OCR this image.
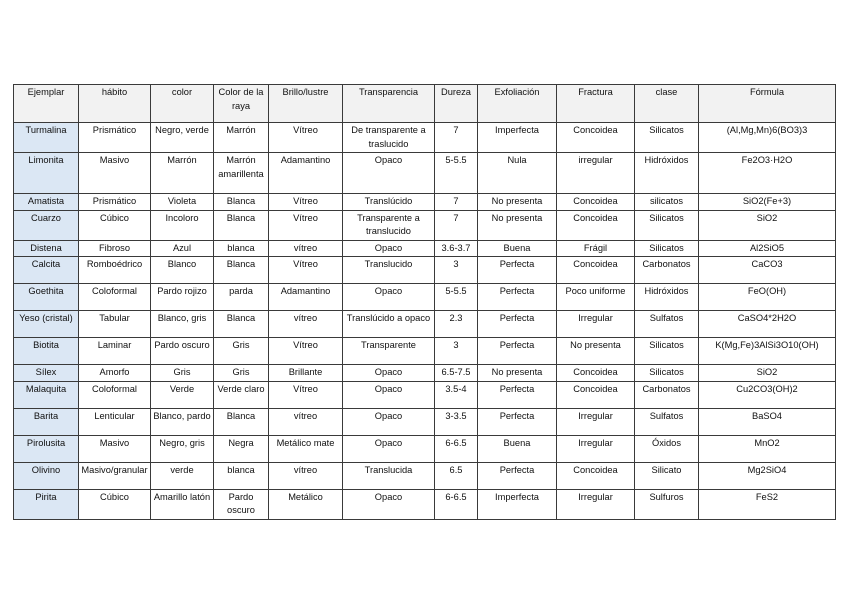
Ejemplar	hábito	color	Color de la raya	Brillo/lustre	Transparencia	Dureza	Exfoliación	Fractura	clase	Fórmula
Turmalina	Prismático	Negro, verde	Marrón	Vítreo	De transparente a traslucido	7	Imperfecta	Concoidea	Silicatos	(Al,Mg,Mn)6(BO3)3
Limonita	Masivo	Marrón	Marrón amarillenta	Adamantino	Opaco	5-5.5	Nula	irregular	Hidróxidos	Fe2O3·H2O
Amatista	Prismático	Violeta	Blanca	Vítreo	Translúcido	7	No presenta	Concoidea	silicatos	SiO2(Fe+3)
Cuarzo	Cúbico	Incoloro	Blanca	Vítreo	Transparente a translucido	7	No presenta	Concoidea	Silicatos	SiO2
Distena	Fibroso	Azul	blanca	vítreo	Opaco	3.6-3.7	Buena	Frágil	Silicatos	Al2SiO5
Calcita	Romboédrico	Blanco	Blanca	Vítreo	Translucido	3	Perfecta	Concoidea	Carbonatos	CaCO3
Goethita	Coloformal	Pardo rojizo	parda	Adamantino	Opaco	5-5.5	Perfecta	Poco uniforme	Hidróxidos	FeO(OH)
Yeso (cristal)	Tabular	Blanco, gris	Blanca	vítreo	Translúcido a opaco	2.3	Perfecta	Irregular	Sulfatos	CaSO4*2H2O
Biotita	Laminar	Pardo oscuro	Gris	Vítreo	Transparente	3	Perfecta	No presenta	Silicatos	K(Mg,Fe)3AlSi3O10(OH)
Sílex	Amorfo	Gris	Gris	Brillante	Opaco	6.5-7.5	No presenta	Concoidea	Silicatos	SiO2
Malaquita	Coloformal	Verde	Verde claro	Vítreo	Opaco	3.5-4	Perfecta	Concoidea	Carbonatos	Cu2CO3(OH)2
Barita	Lenticular	Blanco, pardo	Blanca	vítreo	Opaco	3-3.5	Perfecta	Irregular	Sulfatos	BaSO4
Pirolusita	Masivo	Negro, gris	Negra	Metálico mate	Opaco	6-6.5	Buena	Irregular	Óxidos	MnO2
Olivino	Masivo/granular	verde	blanca	vítreo	Translucida	6.5	Perfecta	Concoidea	Silicato	Mg2SiO4
Pirita	Cúbico	Amarillo latón	Pardo oscuro	Metálico	Opaco	6-6.5	Imperfecta	Irregular	Sulfuros	FeS2
